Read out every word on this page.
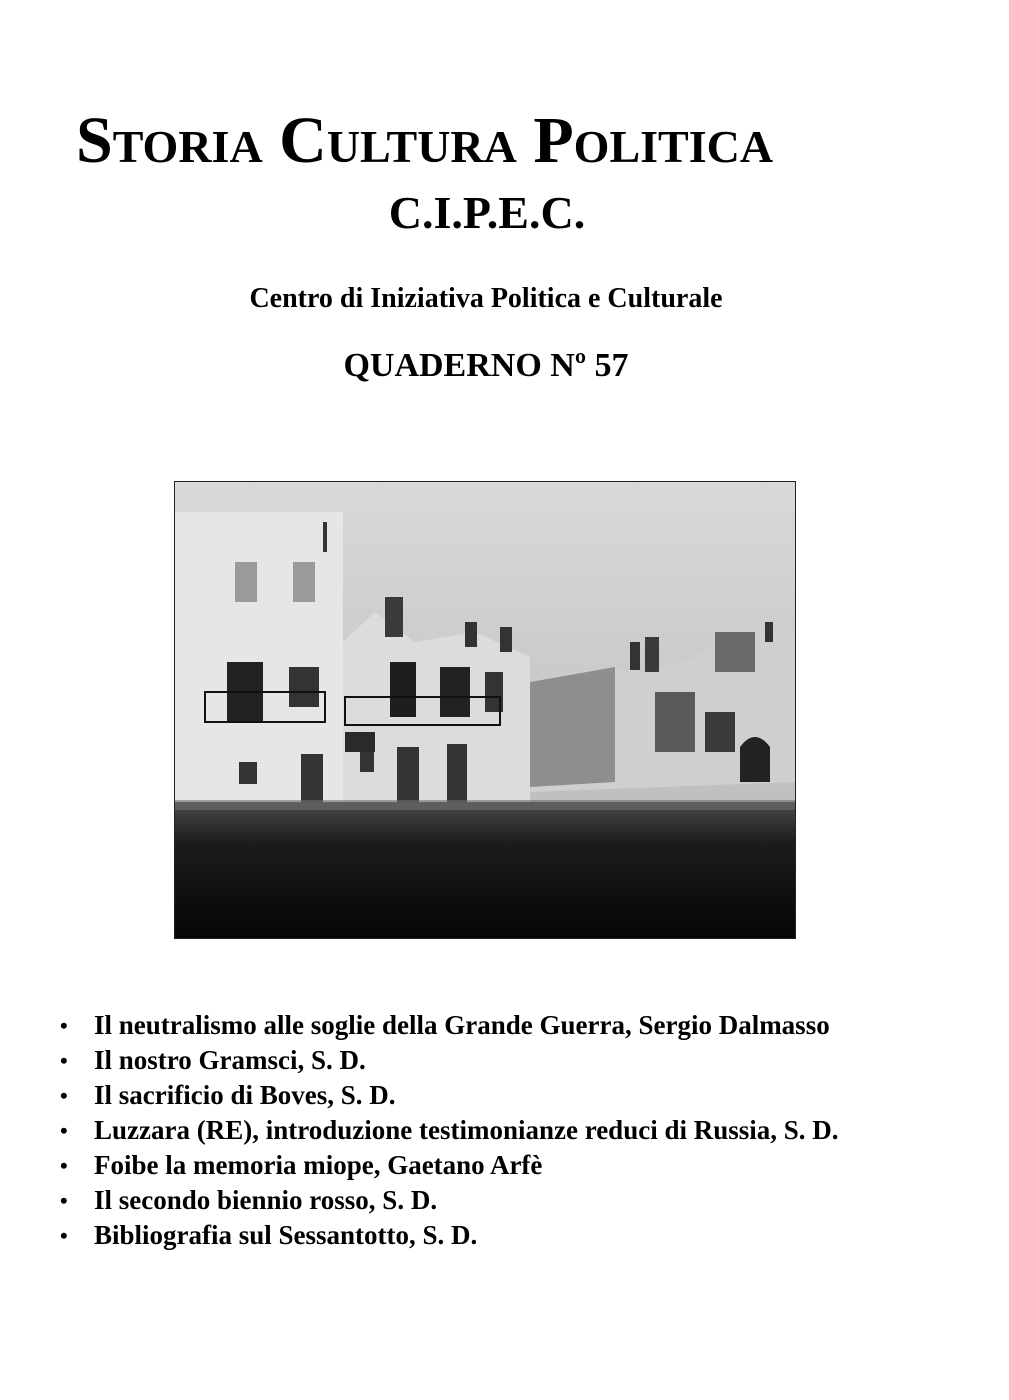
Storia Cultura Politica
C.I.P.E.C.
Centro di Iniziativa Politica e Culturale
QUADERNO Nº 57
• Il neutralismo alle soglie della Grande Guerra, Sergio Dalmasso
• Il nostro Gramsci, S. D.
• Il sacrificio di Boves, S. D.
• Luzzara (RE), introduzione testimonianze reduci di Russia, S. D.
• Foibe la memoria miope, Gaetano Arfè
• Il secondo biennio rosso, S. D.
• Bibliografia sul Sessantotto, S. D.
